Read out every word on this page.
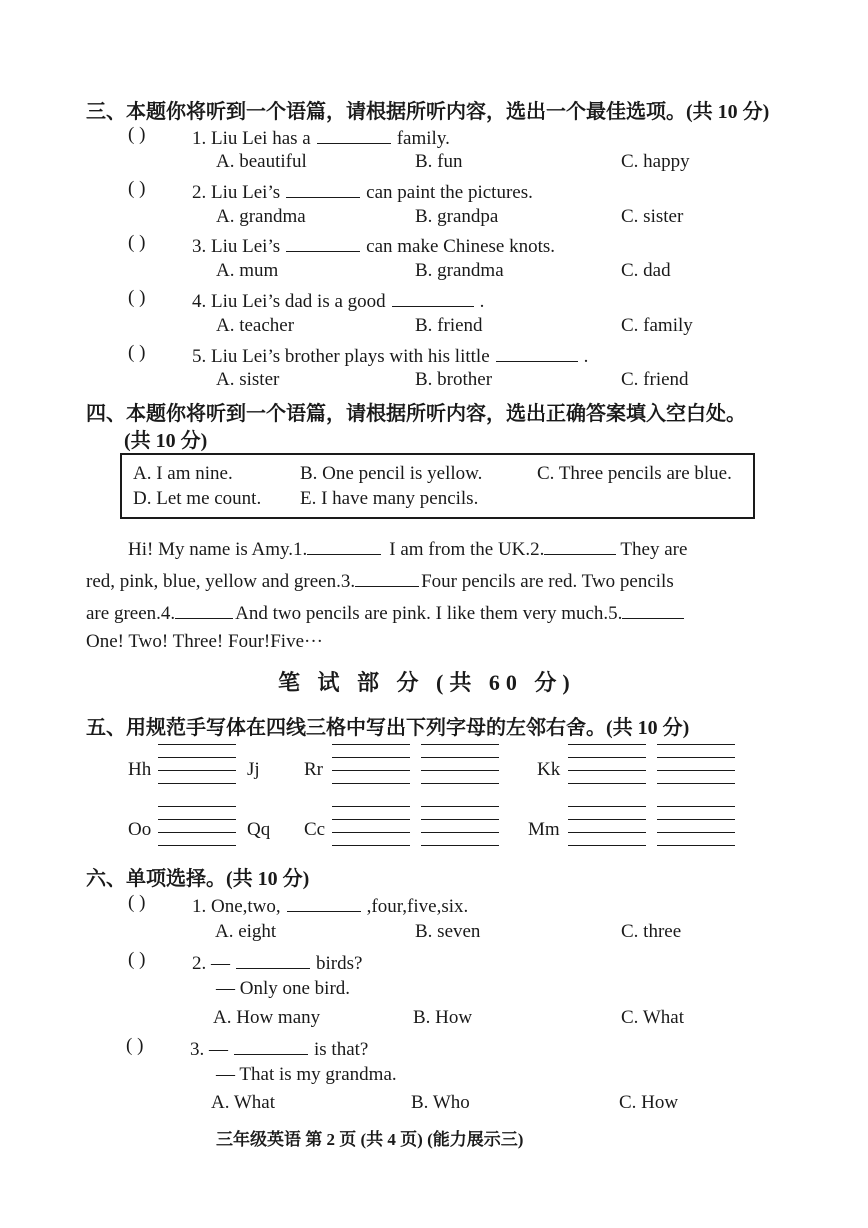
三、本题你将听到一个语篇，请根据所听内容，选出一个最佳选项。(共 10 分)
( ) 1. Liu Lei has a	family.
A. beautiful	B. fun	C. happy
( ) 2. Liu Lei’s	can paint the pictures.
A. grandma	B. grandpa	C. sister
( ) 3. Liu Lei’s	can make Chinese knots.
A. mum	B. grandma	C. dad
( ) 4. Liu Lei’s dad is a good	.
A. teacher	B. friend	C. family
( ) 5. Liu Lei’s brother plays with his little	.
A. sister	B. brother	C. friend
四、本题你将听到一个语篇，请根据所听内容，选出正确答案填入空白处。
(共 10 分)
A. I am nine.	B. One pencil is yellow.	C. Three pencils are blue.
D. Let me count. E. I have many pencils.
Hi! My name is Amy.1.	I am from the UK.2.	They are
red, pink, blue, yellow and green.3.	Four pencils are red. Two pencils
are green.4.	And two pencils are pink. I like them very much.5.
One! Two! Three! Four!Five···
笔 试 部 分 (共 60 分)
五、用规范手写体在四线三格中写出下列字母的左邻右舍。(共 10 分)
Hh	Jj Rr	Kk
Oo	Qq Cc	Mm
六、单项选择。(共 10 分)
( ) 1. One,two,	,four,five,six.
A. eight	B. seven	C. three
( ) 2. —	birds?
— Only one bird.
A. How many	B. How	C. What
( ) 3. —	is that?
— That is my grandma.
A. What	B. Who	C. How
三年级英语 第 2 页 (共 4 页) (能力展示三)
